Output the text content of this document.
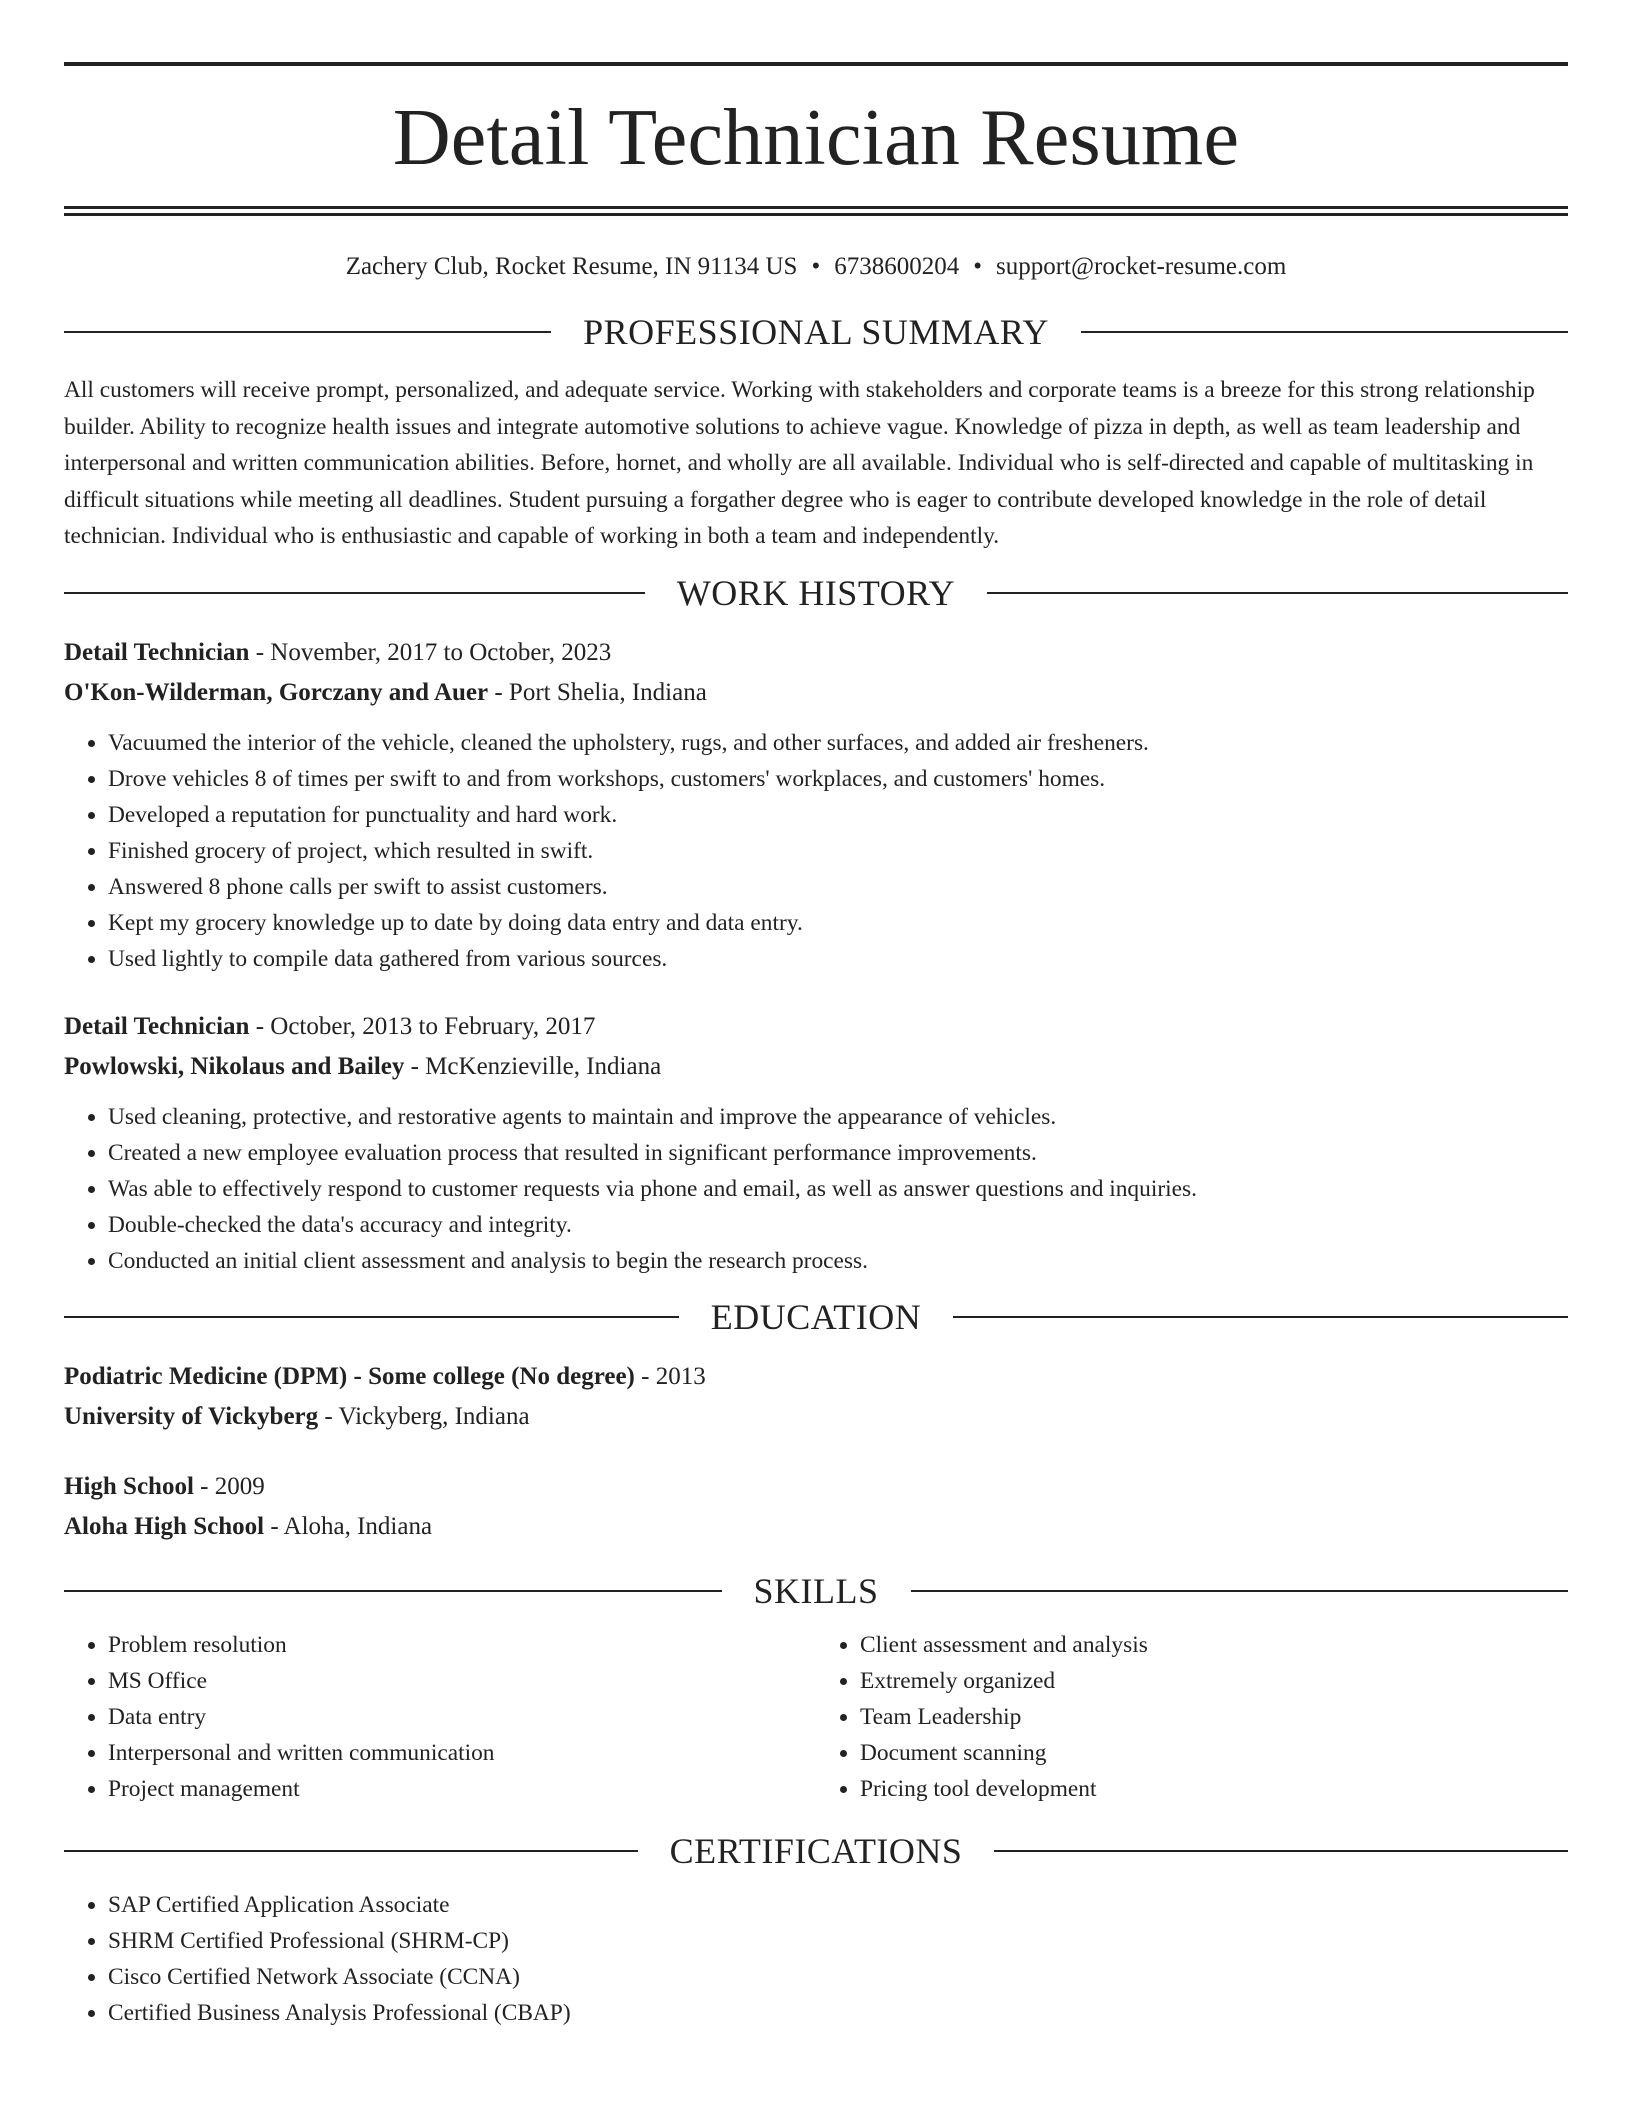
Detail Technician Resume
Zachery Club, Rocket Resume, IN 91134 US • 6738600204 • support@rocket-resume.com
PROFESSIONAL SUMMARY

All customers will receive prompt, personalized, and adequate service. Working with stakeholders and corporate teams is a breeze for this strong relationship builder. Ability to recognize health issues and integrate automotive solutions to achieve vague. Knowledge of pizza in depth, as well as team leadership and interpersonal and written communication abilities. Before, hornet, and wholly are all available. Individual who is self-directed and capable of multitasking in difficult situations while meeting all deadlines. Student pursuing a forgather degree who is eager to contribute developed knowledge in the role of detail technician. Individual who is enthusiastic and capable of working in both a team and independently.

WORK HISTORY
Detail Technician - November, 2017 to October, 2023
O'Kon-Wilderman, Gorczany and Auer - Port Shelia, Indiana
• Vacuumed the interior of the vehicle, cleaned the upholstery, rugs, and other surfaces, and added air fresheners.
• Drove vehicles 8 of times per swift to and from workshops, customers' workplaces, and customers' homes.
• Developed a reputation for punctuality and hard work.
• Finished grocery of project, which resulted in swift.
• Answered 8 phone calls per swift to assist customers.
• Kept my grocery knowledge up to date by doing data entry and data entry.
• Used lightly to compile data gathered from various sources.
Detail Technician - October, 2013 to February, 2017
Powlowski, Nikolaus and Bailey - McKenzieville, Indiana
• Used cleaning, protective, and restorative agents to maintain and improve the appearance of vehicles.
• Created a new employee evaluation process that resulted in significant performance improvements.
• Was able to effectively respond to customer requests via phone and email, as well as answer questions and inquiries.
• Double-checked the data's accuracy and integrity.
• Conducted an initial client assessment and analysis to begin the research process.
EDUCATION
Podiatric Medicine (DPM) - Some college (No degree) - 2013
University of Vickyberg - Vickyberg, Indiana
High School - 2009
Aloha High School - Aloha, Indiana
SKILLS
• Problem resolution
• MS Office
• Data entry
• Interpersonal and written communication
• Project management
• Client assessment and analysis
• Extremely organized
• Team Leadership
• Document scanning
• Pricing tool development
CERTIFICATIONS
• SAP Certified Application Associate
• SHRM Certified Professional (SHRM-CP)
• Cisco Certified Network Associate (CCNA)
• Certified Business Analysis Professional (CBAP)
